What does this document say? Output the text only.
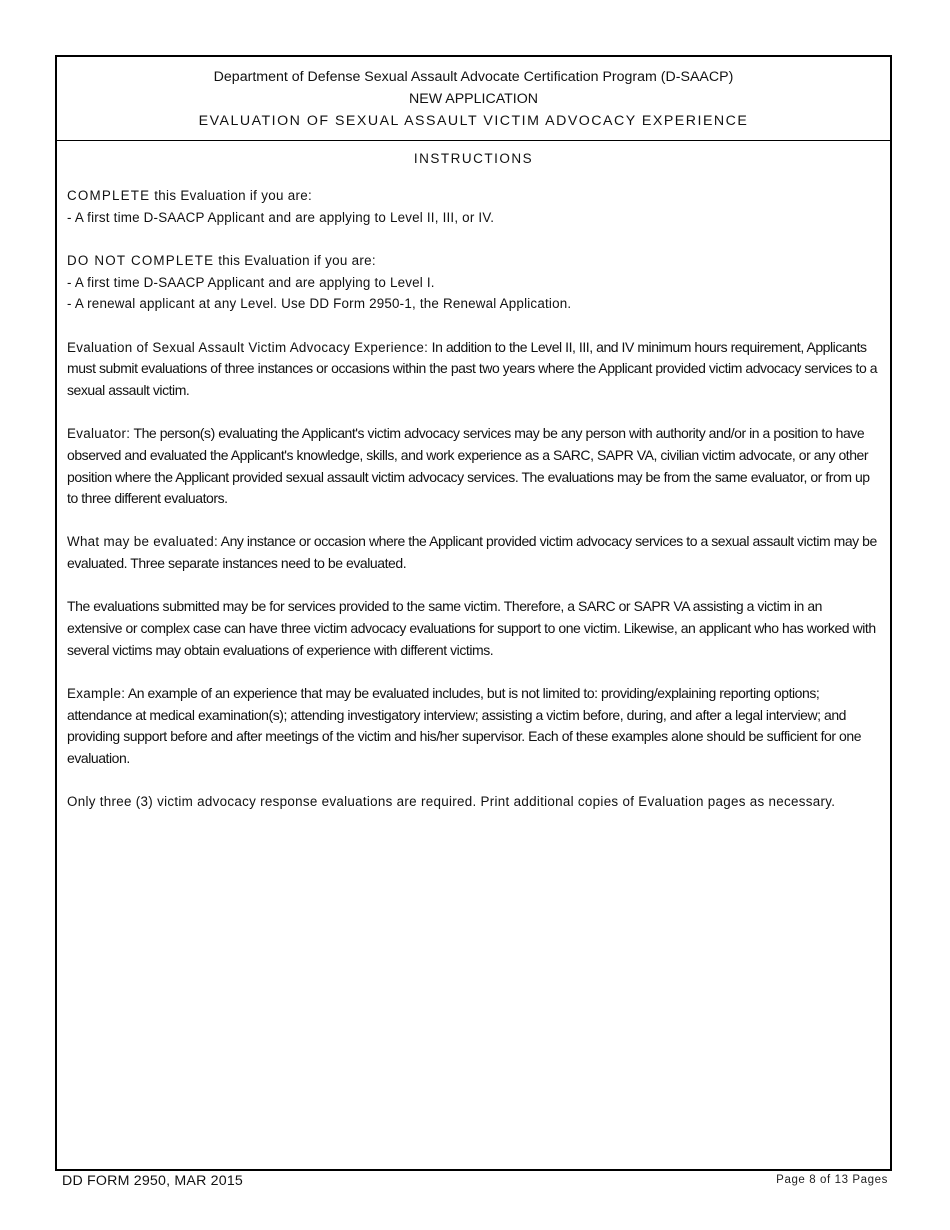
Department of Defense Sexual Assault Advocate Certification Program (D-SAACP)
NEW APPLICATION
EVALUATION OF SEXUAL ASSAULT VICTIM ADVOCACY EXPERIENCE
INSTRUCTIONS

COMPLETE this Evaluation if you are:
- A first time D-SAACP Applicant and are applying to Level II, III, or IV.

DO NOT COMPLETE this Evaluation if you are:
- A first time D-SAACP Applicant and are applying to Level I.
- A renewal applicant at any Level. Use DD Form 2950-1, the Renewal Application.

Evaluation of Sexual Assault Victim Advocacy Experience: In addition to the Level II, III, and IV minimum hours requirement, Applicants must submit evaluations of three instances or occasions within the past two years where the Applicant provided victim advocacy services to a sexual assault victim.

Evaluator: The person(s) evaluating the Applicant's victim advocacy services may be any person with authority and/or in a position to have observed and evaluated the Applicant's knowledge, skills, and work experience as a SARC, SAPR VA, civilian victim advocate, or any other position where the Applicant provided sexual assault victim advocacy services. The evaluations may be from the same evaluator, or from up to three different evaluators.

What may be evaluated: Any instance or occasion where the Applicant provided victim advocacy services to a sexual assault victim may be evaluated. Three separate instances need to be evaluated.

The evaluations submitted may be for services provided to the same victim. Therefore, a SARC or SAPR VA assisting a victim in an extensive or complex case can have three victim advocacy evaluations for support to one victim. Likewise, an applicant who has worked with several victims may obtain evaluations of experience with different victims.

Example: An example of an experience that may be evaluated includes, but is not limited to: providing/explaining reporting options; attendance at medical examination(s); attending investigatory interview; assisting a victim before, during, and after a legal interview; and providing support before and after meetings of the victim and his/her supervisor. Each of these examples alone should be sufficient for one evaluation.

Only three (3) victim advocacy response evaluations are required. Print additional copies of Evaluation pages as necessary.

DD FORM 2950, MAR 2015	Page 8 of 13 Pages
